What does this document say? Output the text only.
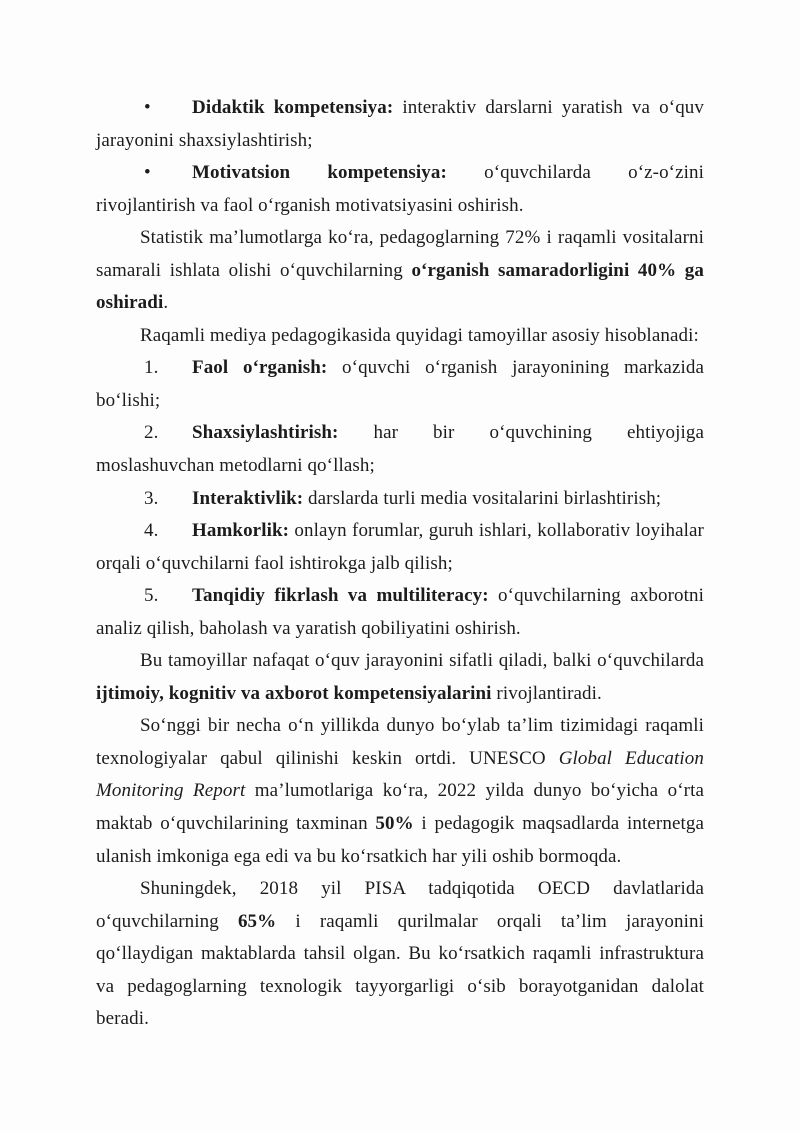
• Didaktik kompetensiya: interaktiv darslarni yaratish va o‘quv jarayonini shaxsiylashtirish;

• Motivatsion kompetensiya: o‘quvchilarda o‘z-o‘zini rivojlantirish va faol o‘rganish motivatsiyasini oshirish.

Statistik ma’lumotlarga ko‘ra, pedagoglarning 72% i raqamli vositalarni samarali ishlata olishi o‘quvchilarning o‘rganish samaradorligini 40% ga oshiradi.

Raqamli mediya pedagogikasida quyidagi tamoyillar asosiy hisoblanadi:

1. Faol o‘rganish: o‘quvchi o‘rganish jarayonining markazida bo‘lishi;

2. Shaxsiylashtirish: har bir o‘quvchining ehtiyojiga moslashuvchan metodlarni qo‘llash;

3. Interaktivlik: darslarda turli media vositalarini birlashtirish;

4. Hamkorlik: onlayn forumlar, guruh ishlari, kollaborativ loyihalar orqali o‘quvchilarni faol ishtirokga jalb qilish;

5. Tanqidiy fikrlash va multiliteracy: o‘quvchilarning axborotni analiz qilish, baholash va yaratish qobiliyatini oshirish.

Bu tamoyillar nafaqat o‘quv jarayonini sifatli qiladi, balki o‘quvchilarda ijtimoiy, kognitiv va axborot kompetensiyalarini rivojlantiradi.

So‘nggi bir necha o‘n yillikda dunyo bo‘ylab ta’lim tizimidagi raqamli texnologiyalar qabul qilinishi keskin ortdi. UNESCO Global Education Monitoring Report ma’lumotlariga ko‘ra, 2022 yilda dunyo bo‘yicha o‘rta maktab o‘quvchilarining taxminan 50% i pedagogik maqsadlarda internetga ulanish imkoniga ega edi va bu ko‘rsatkich har yili oshib bormoqda.

Shuningdek, 2018 yil PISA tadqiqotida OECD davlatlarida o‘quvchilarning 65% i raqamli qurilmalar orqali ta’lim jarayonini qo‘llaydigan maktablarda tahsil olgan. Bu ko‘rsatkich raqamli infrastruktura va pedagoglarning texnologik tayyorgarligi o‘sib borayotganidan dalolat beradi.
